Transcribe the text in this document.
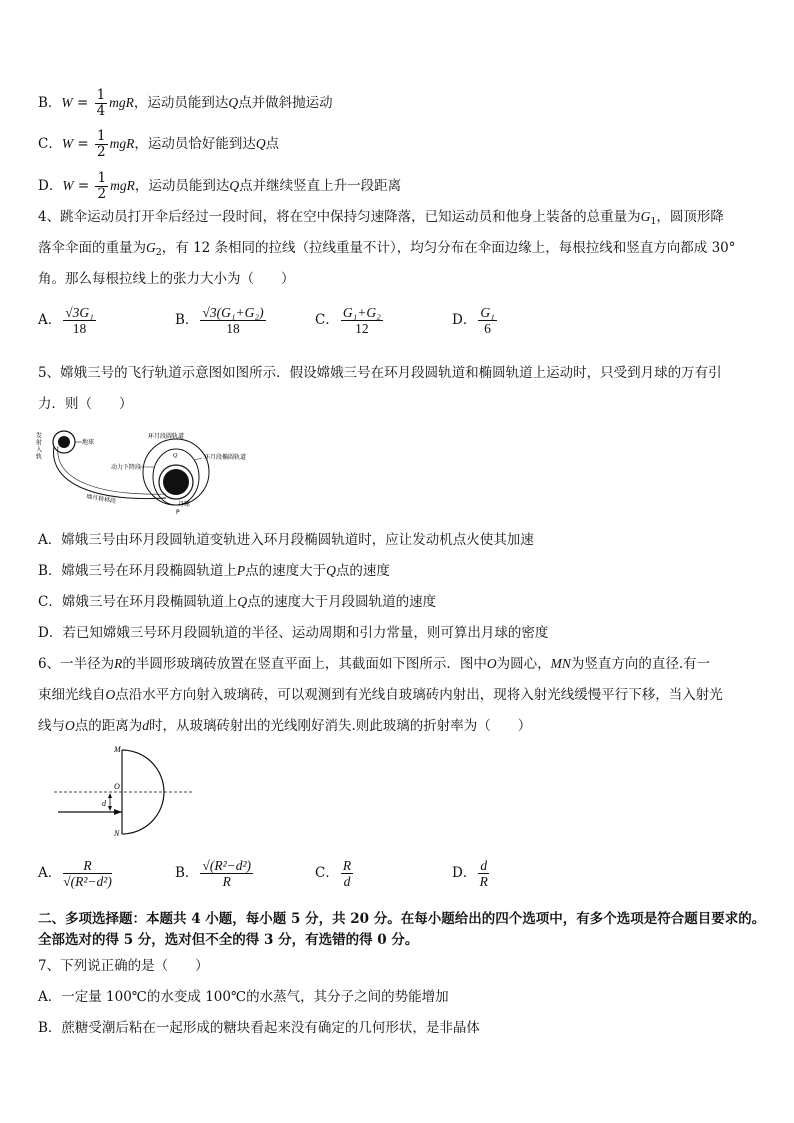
B．$W = \frac{1}{4}$ mgR，运动员能到达Q点并做斜抛运动
C．$W = \frac{1}{2}$ mgR，运动员恰好能到达Q点
D．$W = \frac{1}{2}$ mgR，运动员能到达Q点并继续竖直上升一段距离
4、跳伞运动员打开伞后经过一段时间，将在空中保持匀速降落，已知运动员和他身上装备的总重量为$G_1$，圆顶形降
落伞伞面的重量为$G_2$，有 12 条相同的拉线（拉线重量不计），均匀分布在伞面边缘上，每根拉线和竖直方向都成 30°
角。那么每根拉线上的张力大小为（　　）
A． $\frac{\text{√3G₁}}{18}$	B． $\frac{\text{√3(G₁+G₂)}}{18}$	C． $\frac{\text{G₁+G₂}}{12}$	D． $\frac{\text{G₁}}{6}$
5、嫦娥三号的飞行轨道示意图如图所示．假设嫦娥三号在环月段圆轨道和椭圆轨道上运动时，只受到月球的万有引
力．则（　　）
发射入轨	地球
地月转移段
环月段圆轨道
Q	环月段椭圆轨道
动力下降段
月球
P
A．嫦娥三号由环月段圆轨道变轨进入环月段椭圆轨道时，应让发动机点火使其加速
B．嫦娥三号在环月段椭圆轨道上P点的速度大于Q点的速度
C．嫦娥三号在环月段椭圆轨道上Q点的速度大于月段圆轨道的速度
D．若已知嫦娥三号环月段圆轨道的半径、运动周期和引力常量，则可算出月球的密度
6、一半径为R的半圆形玻璃砖放置在竖直平面上，其截面如下图所示．图中O为圆心，MN为竖直方向的直径.有一
束细光线自O点沿水平方向射入玻璃砖，可以观测到有光线自玻璃砖内射出，现将入射光线缓慢平行下移，当入射光
线与O点的距离为d时，从玻璃砖射出的光线刚好消失.则此玻璃的折射率为（　　）
M
O
d
N
A． $\frac{R}{\text{√(R²−d²)}}$	B． $\frac{\text{√(R²−d²)}}{R}$	C． $\frac{R}{d}$	D． $\frac{d}{R}$
二、多项选择题：本题共 4 小题，每小题 5 分，共 20 分。在每小题给出的四个选项中，有多个选项是符合题目要求的。
全部选对的得 5 分，选对但不全的得 3 分，有选错的得 0 分。
7、下列说正确的是（　　）
A．一定量 100℃的水变成 100℃的水蒸气，其分子之间的势能增加
B．蔗糖受潮后粘在一起形成的糖块看起来没有确定的几何形状，是非晶体
